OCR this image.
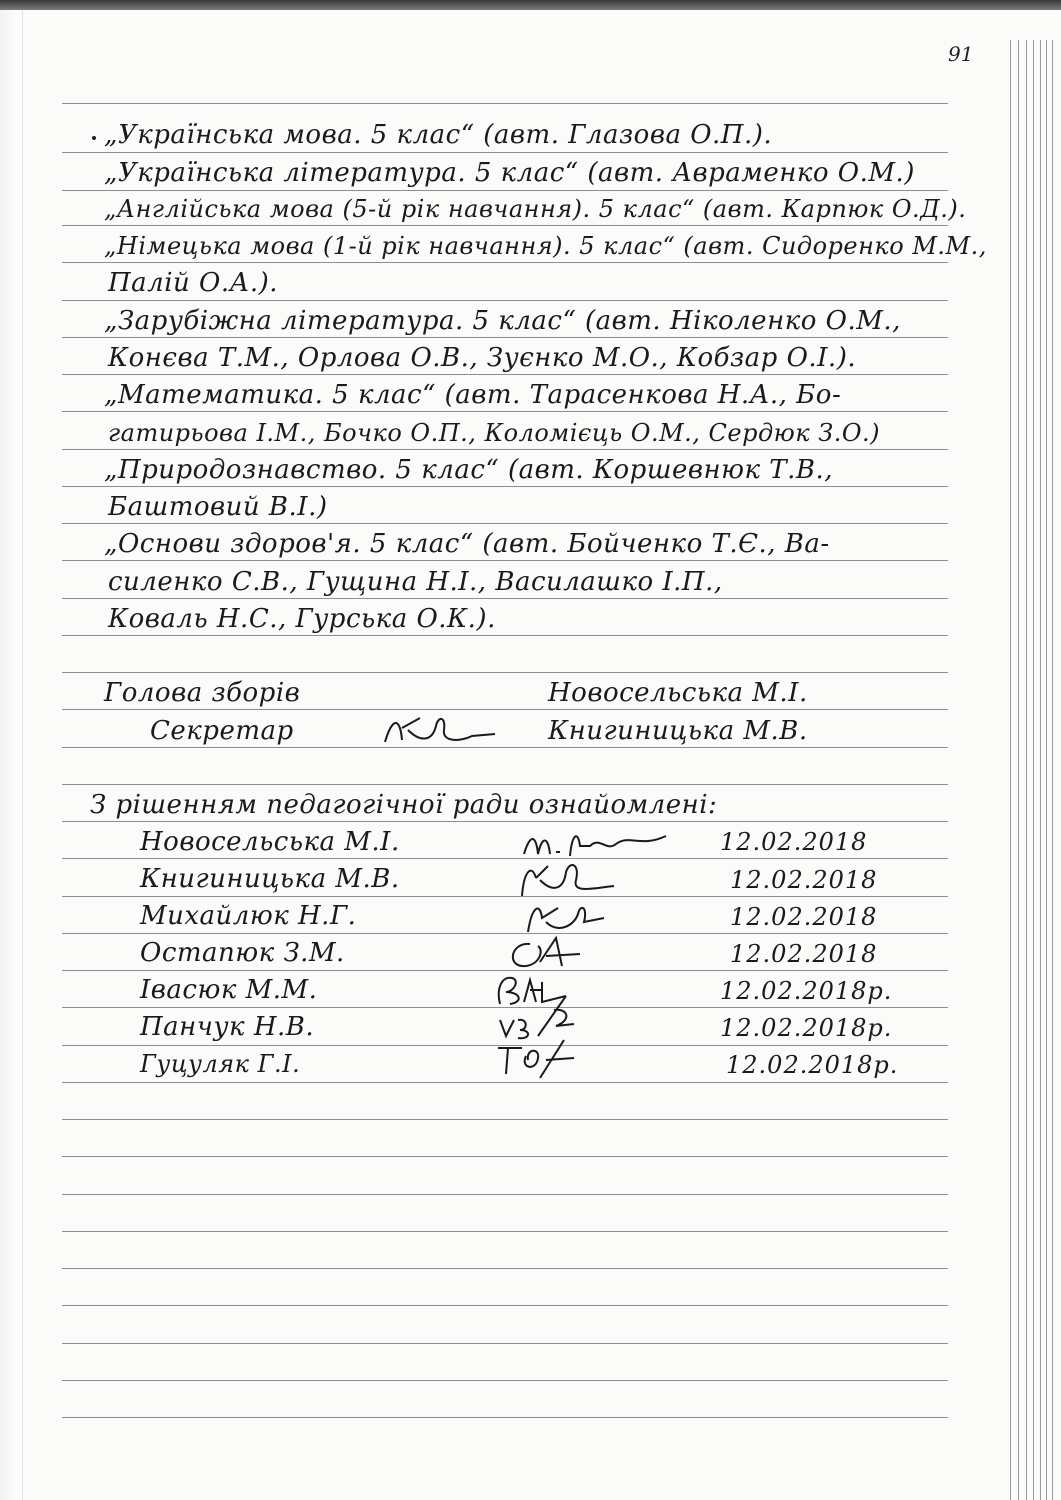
91
„Українська мова. 5 клас“ (авт. Глазова О.П.).
„Українська література. 5 клас“ (авт. Авраменко О.М.)
„Англійська мова (5-й рік навчання). 5 клас“ (авт. Карпюк О.Д.).
„Німецька мова (1-й рік навчання). 5 клас“ (авт. Сидоренко М.М.,
Палій О.А.).
„Зарубіжна література. 5 клас“ (авт. Ніколенко О.М.,
Конєва Т.М., Орлова О.В., Зуєнко М.О., Кобзар О.І.).
„Математика. 5 клас“ (авт. Тарасенкова Н.А., Бо-
гатирьова І.М., Бочко О.П., Коломієць О.М., Сердюк З.О.)
„Природознавство. 5 клас“ (авт. Коршевнюк Т.В.,
Баштовий В.І.)
„Основи здоров'я. 5 клас“ (авт. Бойченко Т.Є., Ва-
силенко С.В., Гущина Н.І., Василашко І.П.,
Коваль Н.С., Гурська О.К.).
Голова зборів	Новосельська М.І.
Секретар	Книгиницька М.В.
З рішенням педагогічної ради ознайомлені:
Новосельська М.І.	12.02.2018
Книгиницька М.В.	12.02.2018
Михайлюк Н.Г.	12.02.2018
Остапюк З.М.	12.02.2018
Івасюк М.М.	12.02.2018р.
Панчук Н.В.	12.02.2018р.
Гуцуляк Г.І.	12.02.2018р.
